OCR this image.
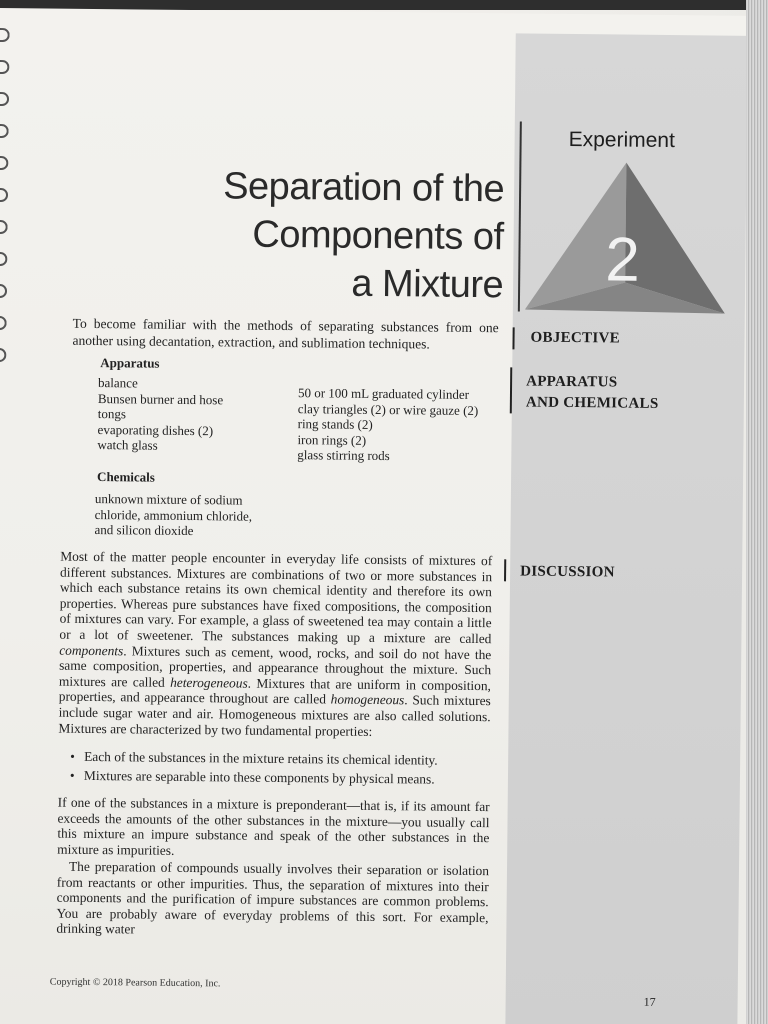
Separation of the
Components of
a Mixture
Experiment
2
OBJECTIVE
APPARATUS
AND CHEMICALS
DISCUSSION
To become familiar with the methods of separating substances from one another using decantation, extraction, and sublimation techniques.
Apparatus
balance
Bunsen burner and hose
tongs
evaporating dishes (2)
watch glass
50 or 100 mL graduated cylinder
clay triangles (2) or wire gauze (2)
ring stands (2)
iron rings (2)
glass stirring rods
Chemicals
unknown mixture of sodium
chloride, ammonium chloride,
and silicon dioxide

Most of the matter people encounter in everyday life consists of mixtures of different substances. Mixtures are combinations of two or more substances in which each substance retains its own chemical identity and therefore its own properties. Whereas pure substances have fixed compositions, the composition of mixtures can vary. For example, a glass of sweetened tea may contain a little or a lot of sweetener. The substances making up a mixture are called components. Mixtures such as cement, wood, rocks, and soil do not have the same composition, properties, and appearance throughout the mixture. Such mixtures are called heterogeneous. Mixtures that are uniform in composition, properties, and appearance throughout are called homogeneous. Such mixtures include sugar water and air. Homogeneous mixtures are also called solutions. Mixtures are characterized by two fundamental properties:

• Each of the substances in the mixture retains its chemical identity.
• Mixtures are separable into these components by physical means.
If one of the substances in a mixture is preponderant—that is, if its amount far exceeds the amounts of the other substances in the mixture—you usually call this mixture an impure substance and speak of the other substances in the mixture as impurities.
The preparation of compounds usually involves their separation or isolation from reactants or other impurities. Thus, the separation of mixtures into their components and the purification of impure substances are common problems. You are probably aware of everyday problems of this sort. For example, drinking water
Copyright © 2018 Pearson Education, Inc.
17
